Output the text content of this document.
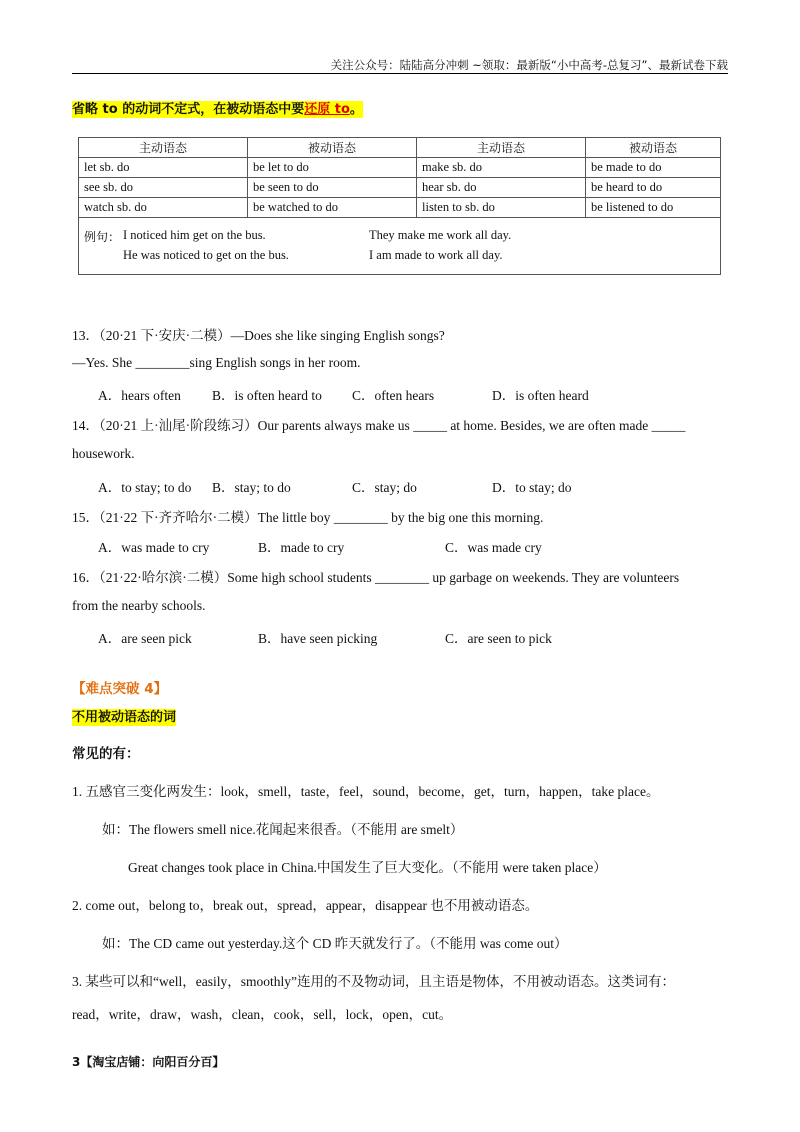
关注公众号：陆陆高分冲刺 ~领取：最新版“小中高考-总复习”、最新试卷下载
省略 to 的动词不定式，在被动语态中要还原 to。
主动语态	被动语态	主动语态	被动语态
let sb. do	be let to do	make sb. do	be made to do
see sb. do	be seen to do	hear sb. do	be heard to do
watch sb. do	be watched to do	listen to sb. do	be listened to do

例句： I noticed him get on the bus. They make me work all day.
He was noticed to get on the bus. I am made to work all day.			
13．（20·21 下·安庆·二模）—Does she like singing English songs?
—Yes. She ________sing English songs in her room.
A．hears often B．is often heard to C．often hears	D．is often heard
14．（20·21 上·汕尾·阶段练习）Our parents always make us _____ at home. Besides, we are often made _____
housework.
A．to stay; to do B．stay; to do	C．stay; do	D．to stay; do
15．（21·22 下·齐齐哈尔·二模）The little boy ________ by the big one this morning.
A．was made to cry	B．made to cry	C．was made cry
16．（21·22·哈尔滨·二模）Some high school students ________ up garbage on weekends. They are volunteers
from the nearby schools.
A．are seen pick	B．have seen picking	C．are seen to pick
【难点突破 4】
不用被动语态的词
常见的有：
1. 五感官三变化两发生：look，smell，taste，feel，sound，become，get，turn，happen，take place。
如：The flowers smell nice.花闻起来很香。（不能用 are smelt）
Great changes took place in China.中国发生了巨大变化。（不能用 were taken place）
2. come out，belong to，break out，spread，appear，disappear 也不用被动语态。
如：The CD came out yesterday.这个 CD 昨天就发行了。（不能用 was come out）
3. 某些可以和“well，easily，smoothly”连用的不及物动词，且主语是物体，不用被动语态。这类词有：
read，write，draw，wash，clean，cook，sell，lock，open，cut。
3【淘宝店铺：向阳百分百】
